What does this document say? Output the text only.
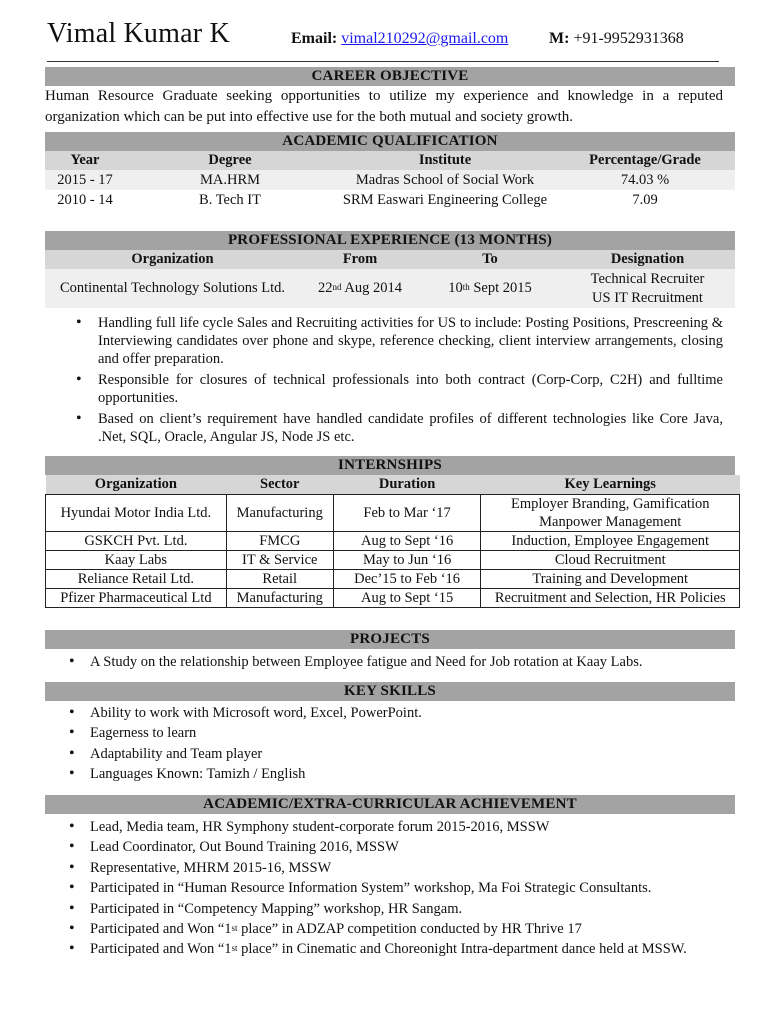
Vimal Kumar K	Email: vimal210292@gmail.com	M: +91-9952931368
CAREER OBJECTIVE
Human Resource Graduate seeking opportunities to utilize my experience and knowledge in a reputed organization which can be put into effective use for the both mutual and society growth.
ACADEMIC QUALIFICATION
Year	Degree	Institute	Percentage/Grade
2015 - 17	MA.HRM	Madras School of Social Work	74.03 %
2010 - 14	B. Tech IT	SRM Easwari Engineering College	7.09
PROFESSIONAL EXPERIENCE (13 MONTHS)
Organization	From	To	Designation
Continental Technology Solutions Ltd.	22nd Aug 2014	10th Sept 2015	Technical Recruiter
US IT Recruitment
• Handling full life cycle Sales and Recruiting activities for US to include: Posting Positions, Prescreening & Interviewing candidates over phone and skype, reference checking, client interview arrangements, closing and offer preparation.
• Responsible for closures of technical professionals into both contract (Corp-Corp, C2H) and fulltime opportunities.
• Based on client’s requirement have handled candidate profiles of different technologies like Core Java, .Net, SQL, Oracle, Angular JS, Node JS etc.
INTERNSHIPS
Organization	Sector	Duration	Key Learnings
Hyundai Motor India Ltd.	Manufacturing	Feb to Mar ‘17	Employer Branding, Gamification
Manpower Management
GSKCH Pvt. Ltd.	FMCG	Aug to Sept ‘16	Induction, Employee Engagement
Kaay Labs	IT & Service	May to Jun ‘16	Cloud Recruitment
Reliance Retail Ltd.	Retail	Dec’15 to Feb ‘16	Training and Development
Pfizer Pharmaceutical Ltd	Manufacturing	Aug to Sept ‘15	Recruitment and Selection, HR Policies
PROJECTS
• A Study on the relationship between Employee fatigue and Need for Job rotation at Kaay Labs.
KEY SKILLS
• Ability to work with Microsoft word, Excel, PowerPoint.
• Eagerness to learn
• Adaptability and Team player
• Languages Known: Tamizh / English
ACADEMIC/EXTRA-CURRICULAR ACHIEVEMENT
• Lead, Media team, HR Symphony student-corporate forum 2015-2016, MSSW
• Lead Coordinator, Out Bound Training 2016, MSSW
• Representative, MHRM 2015-16, MSSW
• Participated in “Human Resource Information System” workshop, Ma Foi Strategic Consultants.
• Participated in “Competency Mapping” workshop, HR Sangam.
• Participated and Won “1st place” in ADZAP competition conducted by HR Thrive 17
• Participated and Won “1st place” in Cinematic and Choreonight Intra-department dance held at MSSW.
